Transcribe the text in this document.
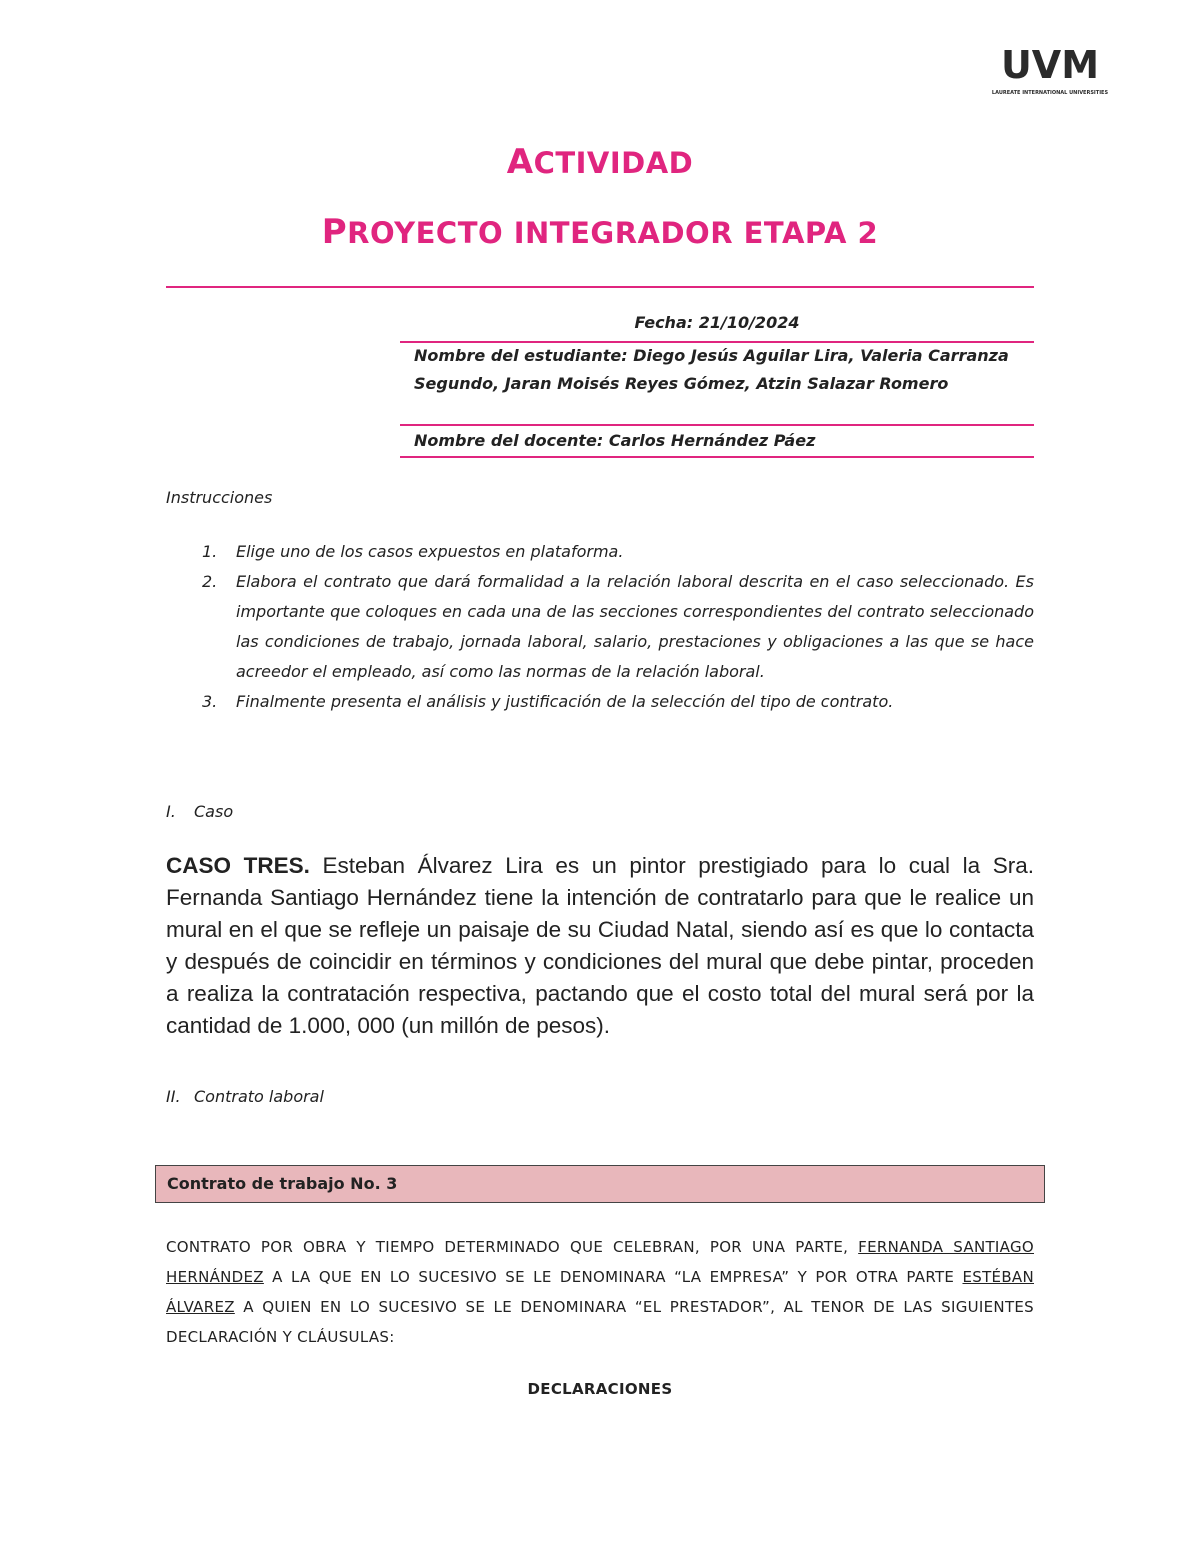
UVM
LAUREATE INTERNATIONAL UNIVERSITIES
ACTIVIDAD
PROYECTO INTEGRADOR ETAPA 2
Fecha: 21/10/2024
Nombre del estudiante: Diego Jesús Aguilar Lira, Valeria Carranza
Segundo, Jaran Moisés Reyes Gómez, Atzin Salazar Romero
Nombre del docente: Carlos Hernández Páez
Instrucciones
1. Elige uno de los casos expuestos en plataforma.
2. Elabora el contrato que dará formalidad a la relación laboral descrita en el caso seleccionado. Es importante que coloques en cada una de las secciones correspondientes del contrato seleccionado las condiciones de trabajo, jornada laboral, salario, prestaciones y obligaciones a las que se hace acreedor el empleado, así como las normas de la relación laboral.
3. Finalmente presenta el análisis y justificación de la selección del tipo de contrato.
I. Caso
CASO TRES. Esteban Álvarez Lira es un pintor prestigiado para lo cual la Sra. Fernanda Santiago Hernández tiene la intención de contratarlo para que le realice un mural en el que se refleje un paisaje de su Ciudad Natal, siendo así es que lo contacta y después de coincidir en términos y condiciones del mural que debe pintar, proceden a realiza la contratación respectiva, pactando que el costo total del mural será por la cantidad de 1.000, 000 (un millón de pesos).
II. Contrato laboral
Contrato de trabajo No. 3
CONTRATO POR OBRA Y TIEMPO DETERMINADO QUE CELEBRAN, POR UNA PARTE, FERNANDA SANTIAGO HERNÁNDEZ A LA QUE EN LO SUCESIVO SE LE DENOMINARA “LA EMPRESA” Y POR OTRA PARTE ESTÉBAN ÁLVAREZ A QUIEN EN LO SUCESIVO SE LE DENOMINARA “EL PRESTADOR”, AL TENOR DE LAS SIGUIENTES DECLARACIÓN Y CLÁUSULAS:
DECLARACIONES
